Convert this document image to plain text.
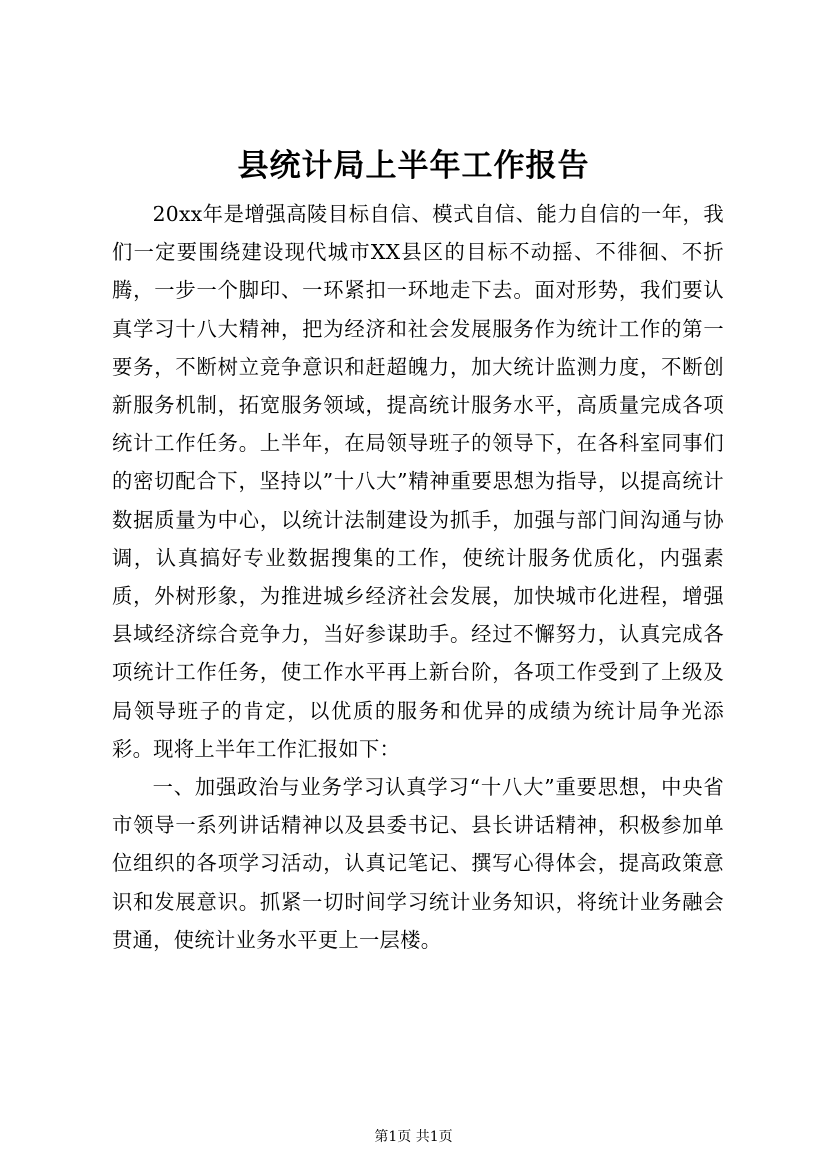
县统计局上半年工作报告

20xx年是增强高陵目标自信、模式自信、能力自信的一年，我们一定要围绕建设现代城市XX县区的目标不动摇、不徘徊、不折腾，一步一个脚印、一环紧扣一环地走下去。面对形势，我们要认真学习十八大精神，把为经济和社会发展服务作为统计工作的第一要务，不断树立竞争意识和赶超魄力，加大统计监测力度，不断创新服务机制，拓宽服务领域，提高统计服务水平，高质量完成各项统计工作任务。上半年，在局领导班子的领导下，在各科室同事们的密切配合下，坚持以”十八大”精神重要思想为指导，以提高统计数据质量为中心，以统计法制建设为抓手，加强与部门间沟通与协调，认真搞好专业数据搜集的工作，使统计服务优质化，内强素质，外树形象，为推进城乡经济社会发展，加快城市化进程，增强县域经济综合竞争力，当好参谋助手。经过不懈努力，认真完成各项统计工作任务，使工作水平再上新台阶，各项工作受到了上级及局领导班子的肯定，以优质的服务和优异的成绩为统计局争光添彩。现将上半年工作汇报如下：

一、加强政治与业务学习认真学习“十八大”重要思想，中央省市领导一系列讲话精神以及县委书记、县长讲话精神，积极参加单位组织的各项学习活动，认真记笔记、撰写心得体会，提高政策意识和发展意识。抓紧一切时间学习统计业务知识，将统计业务融会贯通，使统计业务水平更上一层楼。

第1页 共1页
